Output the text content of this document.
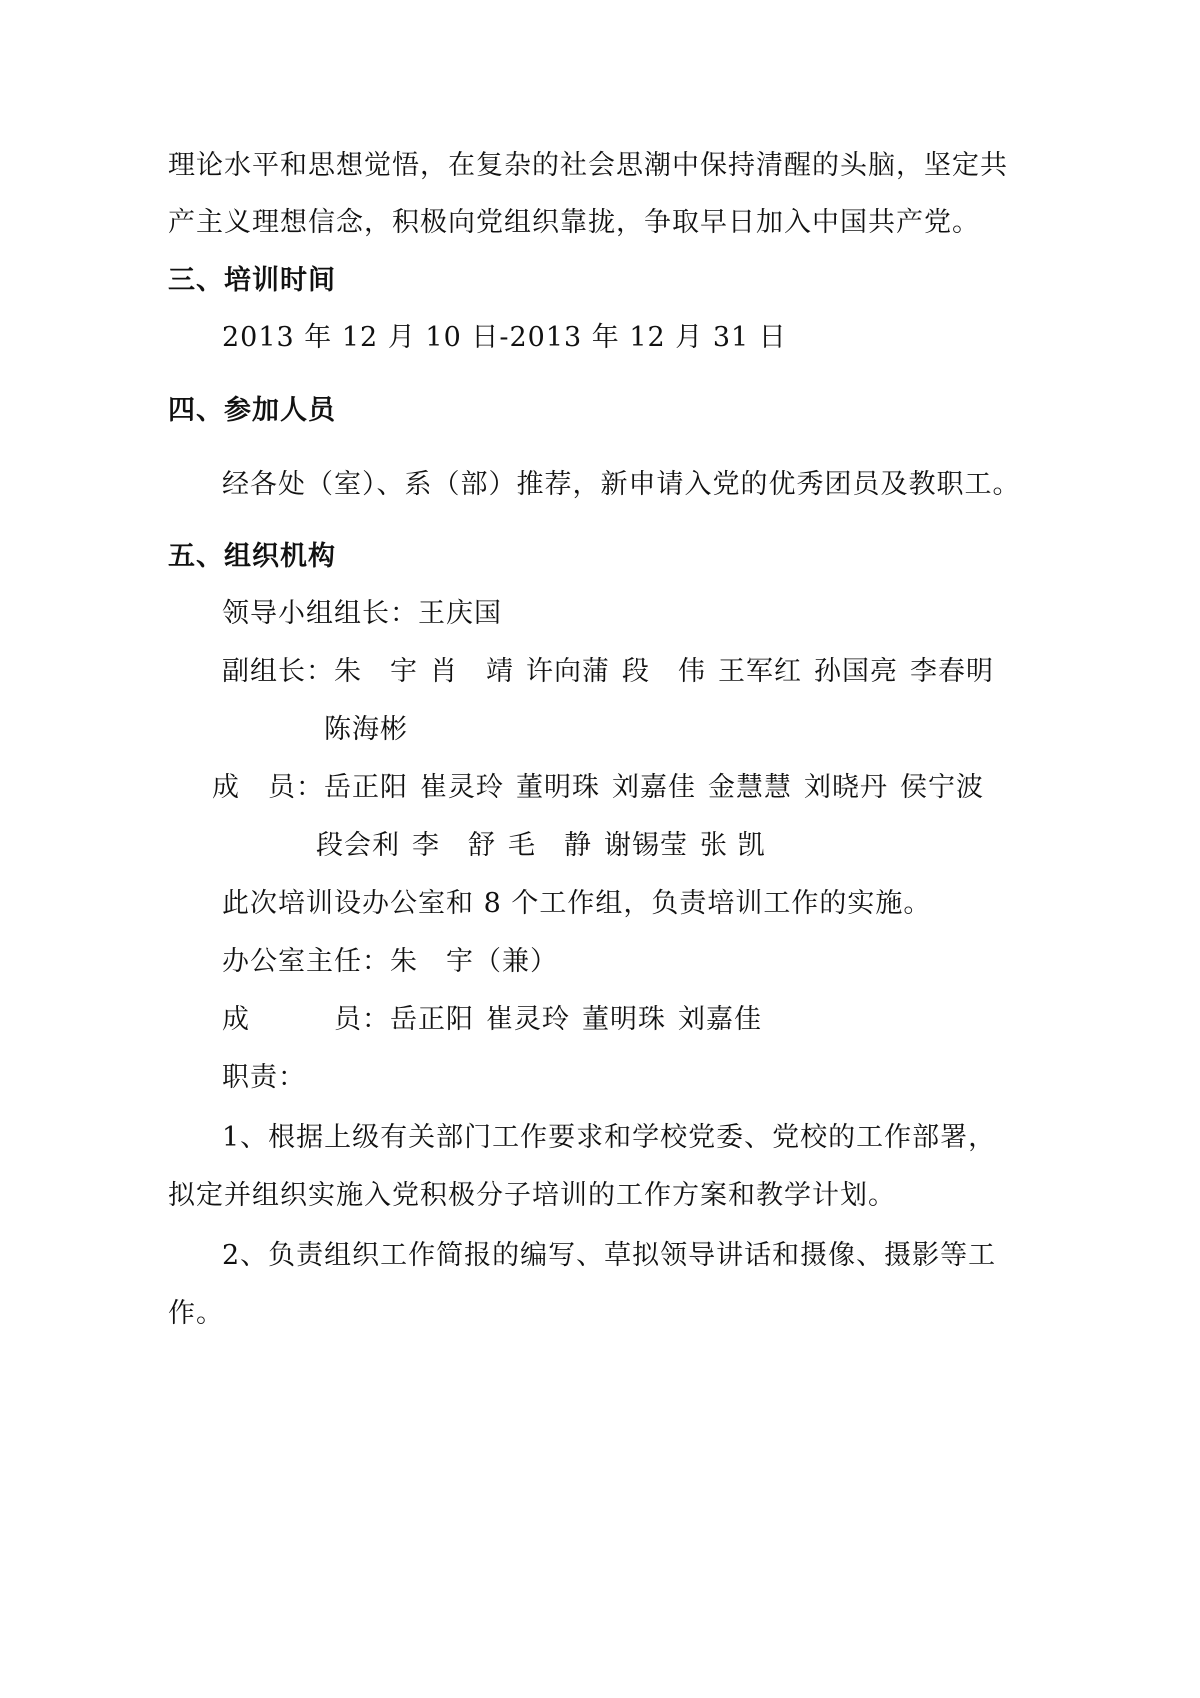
理论水平和思想觉悟，在复杂的社会思潮中保持清醒的头脑，坚定共
产主义理想信念，积极向党组织靠拢，争取早日加入中国共产党。
三、培训时间
2013 年 12 月 10 日-2013 年 12 月 31 日
四、参加人员
经各处（室）、系（部）推荐，新申请入党的优秀团员及教职工。
五、组织机构
领导小组组长：王庆国
副组长：朱　宇 肖　靖 许向蒲 段　伟 王军红 孙国亮 李春明
陈海彬
成　员：岳正阳 崔灵玲 董明珠 刘嘉佳 金慧慧 刘晓丹 侯宁波
段会利 李　舒 毛　静 谢锡莹 张 凯
此次培训设办公室和 8 个工作组，负责培训工作的实施。
办公室主任：朱　宇（兼）
成　　　员：岳正阳 崔灵玲 董明珠 刘嘉佳
职责：
1、根据上级有关部门工作要求和学校党委、党校的工作部署，
拟定并组织实施入党积极分子培训的工作方案和教学计划。
2、负责组织工作简报的编写、草拟领导讲话和摄像、摄影等工
作。
